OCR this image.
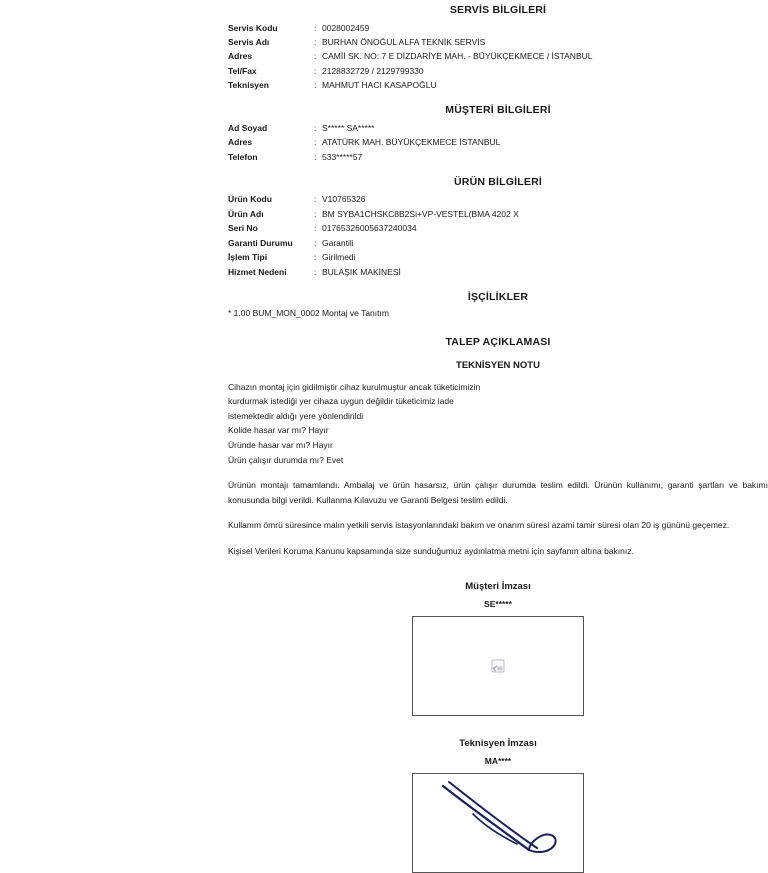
SERVİS BİLGİLERİ
Servis Kodu	:	0028002459
Servis Adı	:	BURHAN ÖNOĞUL ALFA TEKNİK SERVİS
Adres	:	CAMİİ SK. NO: 7 E DİZDARİYE MAH. - BÜYÜKÇEKMECE / İSTANBUL
Tel/Fax	:	2128832729 / 2129799330
Teknisyen	:	MAHMUT HACI KASAPOĞLU
MÜŞTERİ BİLGİLERİ
Ad Soyad	:	S***** SA*****
Adres	:	ATATÜRK MAH. BÜYÜKÇEKMECE İSTANBUL
Telefon	:	533*****57
ÜRÜN BİLGİLERİ
Ürün Kodu	:	V10765326
Ürün Adı	:	BM SYBA1CHSKC8B2Si+VP-VESTEL(BMA 4202 X
Seri No	:	01765326005637240034
Garanti Durumu	:	Garantili
İşlem Tipi	:	Girilmedi
Hizmet Nedeni	:	BULAŞIK MAKİNESİ
İŞÇİLİKLER
* 1.00 BUM_MON_0002 Montaj ve Tanıtım
TALEP AÇIKLAMASI
TEKNİSYEN NOTU

Cihazın montaj için gidilmiştir cihaz kurulmuştur ancak tüketicimizin

kurdurmak istediği yer cihaza uygun değildir tüketicimiz iade

istemektedir aldığı yere yönlendirildi

Kolide hasar var mı? Hayır

Üründe hasar var mı? Hayır

Ürün çalışır durumda mı? Evet

Ürünün montajı tamamlandı. Ambalaj ve ürün hasarsız, ürün çalışır durumda teslim edildi. Ürünün kullanımı, garanti şartları ve bakımı konusunda bilgi verildi. Kullanma Kılavuzu ve Garanti Belgesi teslim edildi.
Kullanım ömrü süresince malın yetkili servis istasyonlarındaki bakım ve onarım süresi azami tamir süresi olan 20 iş gününü geçemez.
Kişisel Verileri Koruma Kanunu kapsamında size sunduğumuz aydınlatma metni için sayfanın altına bakınız.
Müşteri İmzası
SE*****
Teknisyen İmzası
MA****
